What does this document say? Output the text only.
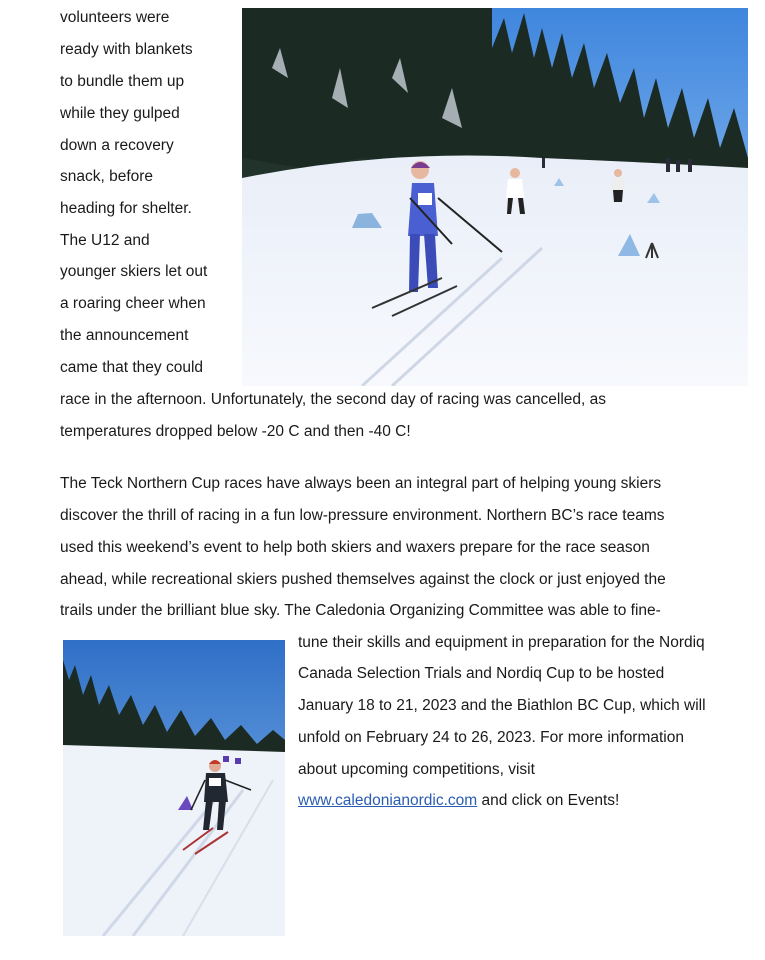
volunteers were

ready with blankets

to bundle them up

while they gulped

down a recovery

snack, before

heading for shelter.

The U12 and

younger skiers let out

a roaring cheer when

the announcement

came that they could

race in the afternoon. Unfortunately, the second day of racing was cancelled, as

temperatures dropped below -20 C and then -40 C!

The Teck Northern Cup races have always been an integral part of helping young skiers

discover the thrill of racing in a fun low-pressure environment. Northern BC’s race teams

used this weekend’s event to help both skiers and waxers prepare for the race season

ahead, while recreational skiers pushed themselves against the clock or just enjoyed the

trails under the brilliant blue sky. The Caledonia Organizing Committee was able to fine-

tune their skills and equipment in preparation for the Nordiq

Canada Selection Trials and Nordiq Cup to be hosted

January 18 to 21, 2023 and the Biathlon BC Cup, which will

unfold on February 24 to 26, 2023. For more information

about upcoming competitions, visit

www.caledonianordic.com and click on Events!
